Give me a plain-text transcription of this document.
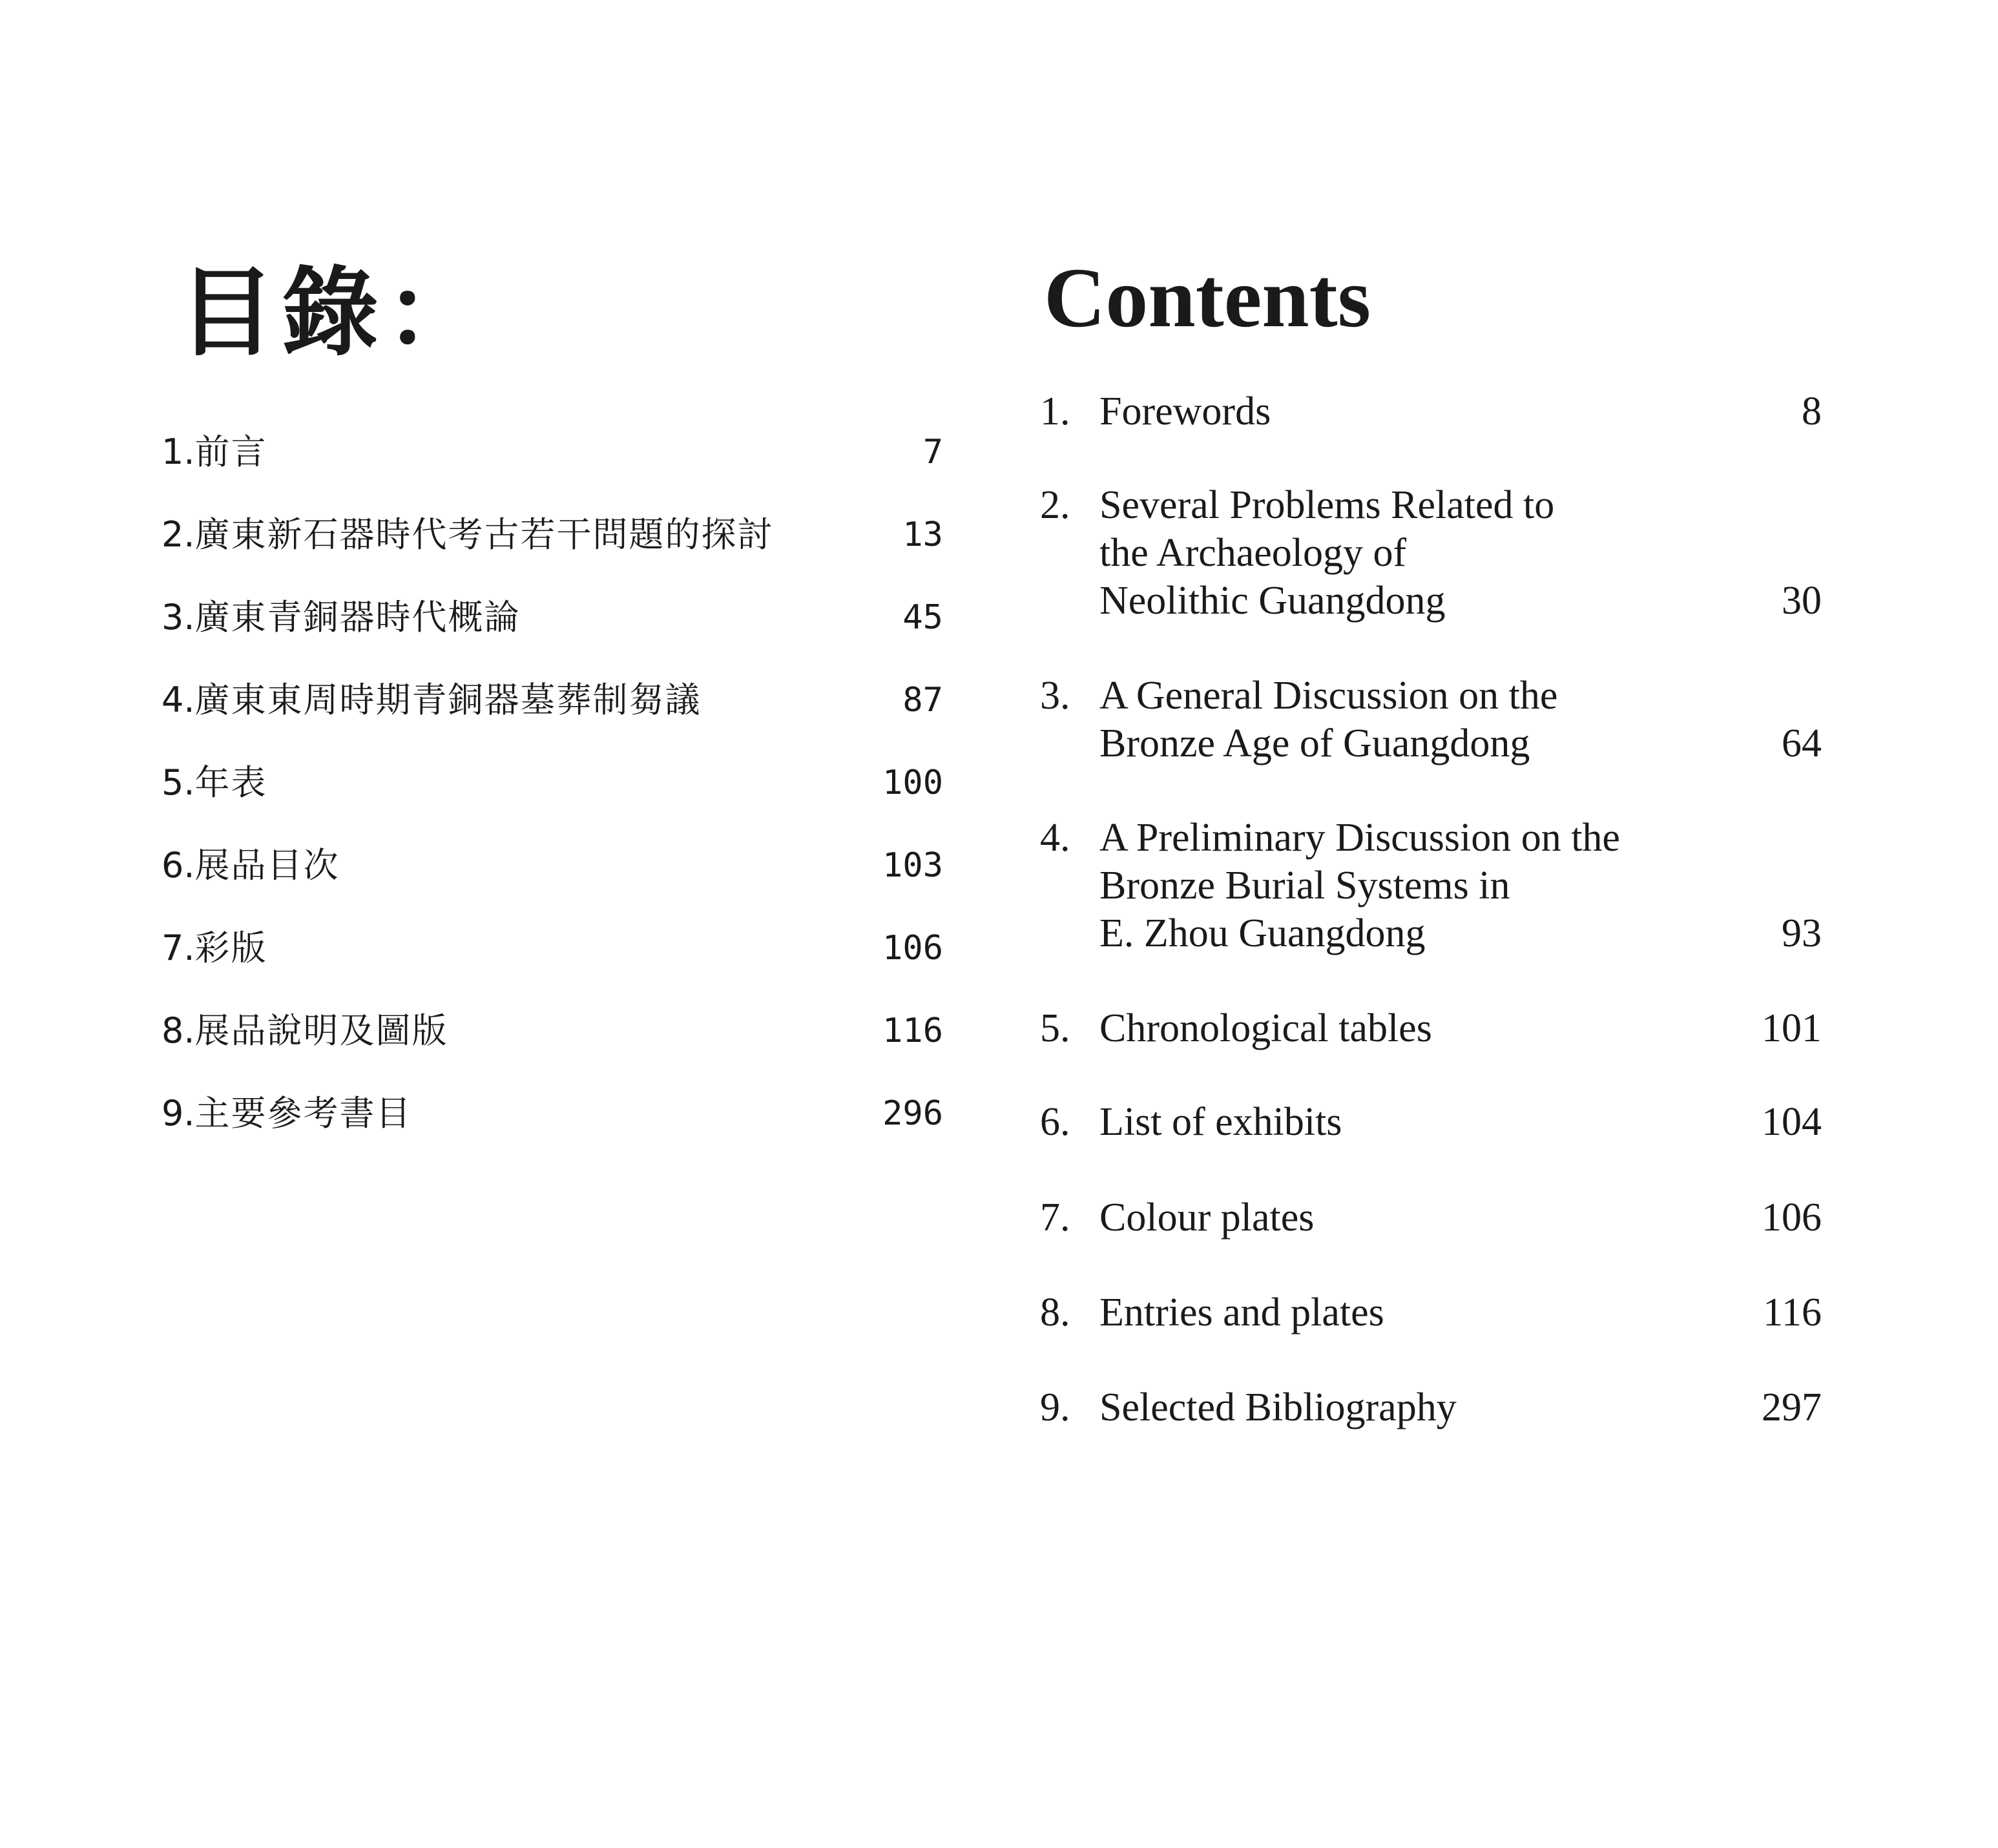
目錄：
1.前言	7
2.廣東新石器時代考古若干問題的探討	13
3.廣東青銅器時代概論	45
4.廣東東周時期青銅器墓葬制芻議	87
5.年表	100
6.展品目次	103
7.彩版	106
8.展品說明及圖版	116
9.主要參考書目	296
Contents
1. Forewords	8
2. Several Problems Related to
the Archaeology of
Neolithic Guangdong	30
3. A General Discussion on the
Bronze Age of Guangdong	64
4. A Preliminary Discussion on the
Bronze Burial Systems in
E. Zhou Guangdong	93
5. Chronological tables	101
6. List of exhibits	104
7. Colour plates	106
8. Entries and plates	116
9. Selected Bibliography	297
